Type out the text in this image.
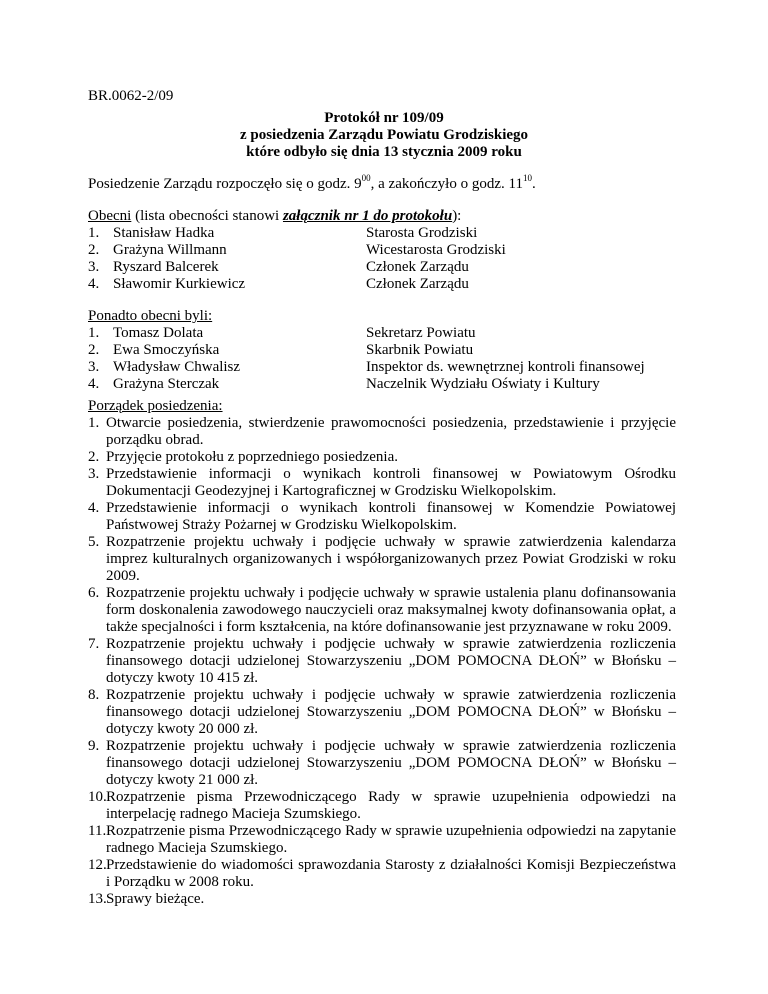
BR.0062-2/09
Protokół nr 109/09
z posiedzenia Zarządu Powiatu Grodziskiego
które odbyło się dnia 13 stycznia 2009 roku
Posiedzenie Zarządu rozpoczęło się o godz. $9^{00}$, a zakończyło o godz. $11^{10}$.
Obecni (lista obecności stanowi załącznik nr 1 do protokołu):
1. Stanisław Hadka	Starosta Grodziski
2. Grażyna Willmann	Wicestarosta Grodziski
3. Ryszard Balcerek	Członek Zarządu
4. Sławomir Kurkiewicz	Członek Zarządu
Ponadto obecni byli:
1. Tomasz Dolata	Sekretarz Powiatu
2. Ewa Smoczyńska	Skarbnik Powiatu
3. Władysław Chwalisz	Inspektor ds. wewnętrznej kontroli finansowej
4. Grażyna Sterczak	Naczelnik Wydziału Oświaty i Kultury
Porządek posiedzenia:
1. Otwarcie posiedzenia, stwierdzenie prawomocności posiedzenia, przedstawienie i przyjęcie porządku obrad.
2. Przyjęcie protokołu z poprzedniego posiedzenia.
3. Przedstawienie informacji o wynikach kontroli finansowej w Powiatowym Ośrodku Dokumentacji Geodezyjnej i Kartograficznej w Grodzisku Wielkopolskim.
4. Przedstawienie informacji o wynikach kontroli finansowej w Komendzie Powiatowej Państwowej Straży Pożarnej w Grodzisku Wielkopolskim.
5. Rozpatrzenie projektu uchwały i podjęcie uchwały w sprawie zatwierdzenia kalendarza imprez kulturalnych organizowanych i współorganizowanych przez Powiat Grodziski w roku 2009.
6. Rozpatrzenie projektu uchwały i podjęcie uchwały w sprawie ustalenia planu dofinansowania form doskonalenia zawodowego nauczycieli oraz maksymalnej kwoty dofinansowania opłat, a także specjalności i form kształcenia, na które dofinansowanie jest przyznawane w roku 2009.
7. Rozpatrzenie projektu uchwały i podjęcie uchwały w sprawie zatwierdzenia rozliczenia finansowego dotacji udzielonej Stowarzyszeniu „DOM POMOCNA DŁOŃ” w Błońsku – dotyczy kwoty 10 415 zł.
8. Rozpatrzenie projektu uchwały i podjęcie uchwały w sprawie zatwierdzenia rozliczenia finansowego dotacji udzielonej Stowarzyszeniu „DOM POMOCNA DŁOŃ” w Błońsku – dotyczy kwoty 20 000 zł.
9. Rozpatrzenie projektu uchwały i podjęcie uchwały w sprawie zatwierdzenia rozliczenia finansowego dotacji udzielonej Stowarzyszeniu „DOM POMOCNA DŁOŃ” w Błońsku – dotyczy kwoty 21 000 zł.
10. Rozpatrzenie pisma Przewodniczącego Rady w sprawie uzupełnienia odpowiedzi na interpelację radnego Macieja Szumskiego.
11. Rozpatrzenie pisma Przewodniczącego Rady w sprawie uzupełnienia odpowiedzi na zapytanie radnego Macieja Szumskiego.
12. Przedstawienie do wiadomości sprawozdania Starosty z działalności Komisji Bezpieczeństwa i Porządku w 2008 roku.
13. Sprawy bieżące.
